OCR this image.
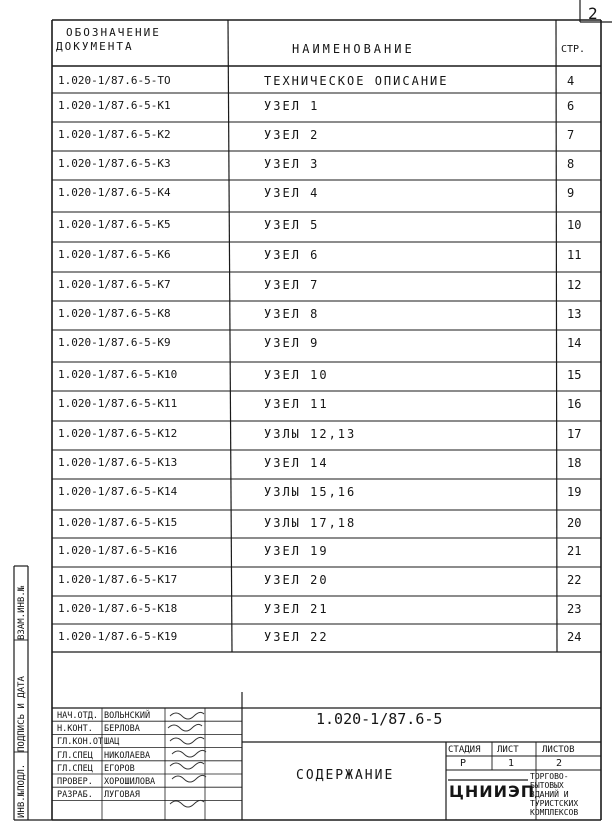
2
ОБОЗНАЧЕНИЕ
ДОКУМЕНТА	НАИМЕНОВАНИЕ	СТР.
1.020-1/87.6-5-ТО	ТЕХНИЧЕСКОЕ ОПИСАНИЕ	4
1.020-1/87.6-5-К1	УЗЕЛ 1	6
1.020-1/87.6-5-К2	УЗЕЛ 2	7
1.020-1/87.6-5-К3	УЗЕЛ 3	8
1.020-1/87.6-5-К4	УЗЕЛ 4	9
1.020-1/87.6-5-К5	УЗЕЛ 5	10
1.020-1/87.6-5-К6	УЗЕЛ 6	11
1.020-1/87.6-5-К7	УЗЕЛ 7	12
1.020-1/87.6-5-К8	УЗЕЛ 8	13
1.020-1/87.6-5-К9	УЗЕЛ 9	14
1.020-1/87.6-5-К10	УЗЕЛ 10	15
1.020-1/87.6-5-К11	УЗЕЛ 11	16
1.020-1/87.6-5-К12	УЗЛЫ 12,13	17
1.020-1/87.6-5-К13	УЗЕЛ 14	18
1.020-1/87.6-5-К14	УЗЛЫ 15,16	19
1.020-1/87.6-5-К15	УЗЛЫ 17,18	20
1.020-1/87.6-5-К16	УЗЕЛ 19	21
1.020-1/87.6-5-К17	УЗЕЛ 20	22
1.020-1/87.6-5-К18	УЗЕЛ 21	23
1.020-1/87.6-5-К19	УЗЕЛ 22	24
ИНВ.№ПОДЛ.
ПОДПИСЬ И ДАТА
ВЗАМ.ИНВ.№
НАЧ.ОТД. ВОЛЬНСКИЙ
Н.КОНТ. БЕРЛОВА
ГЛ.КОН.ОТ ШАЦ
ГЛ.СПЕЦ НИКОЛАЕВА
ГЛ.СПЕЦ ЕГОРОВ
ПРОВЕР. ХОРОШИЛОВА
РАЗРАБ. ЛУГОВАЯ
1.020-1/87.6-5
СОДЕРЖАНИЕ
СТАДИЯ ЛИСТ	ЛИСТОВ
Р	1	2
ЦНИИЭП
ТОРГОВО-
БЫТОВЫХ
ЗДАНИЙ И
ТУРИСТСКИХ
КОМПЛЕКСОВ
